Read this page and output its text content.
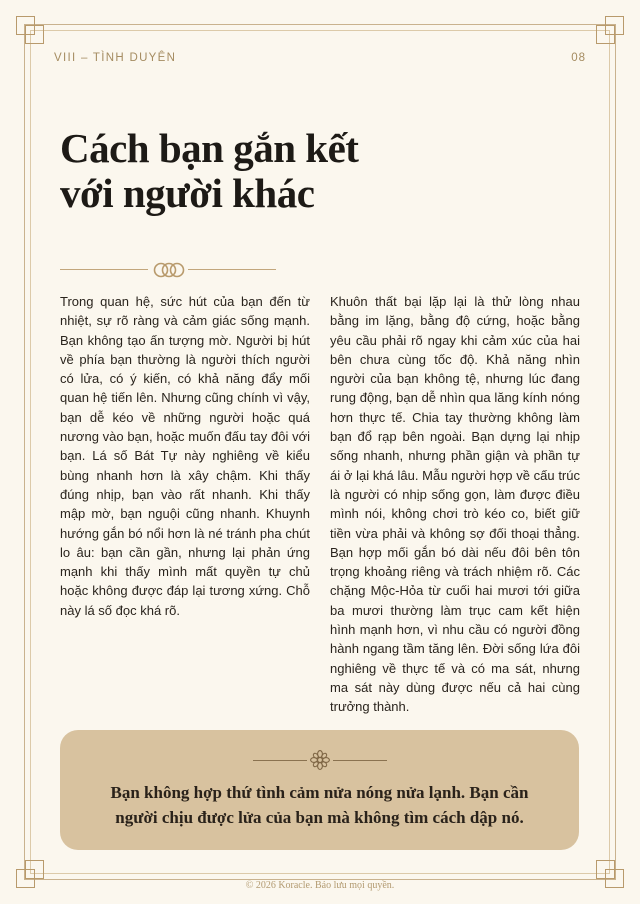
VIII – TÌNH DUYÊN	08
Cách bạn gắn kết
với người khác

Trong quan hệ, sức hút của bạn đến từ nhiệt, sự rõ ràng và cảm giác sống mạnh. Bạn không tạo ấn tượng mờ. Người bị hút về phía bạn thường là người thích người có lửa, có ý kiến, có khả năng đẩy mối quan hệ tiến lên. Nhưng cũng chính vì vậy, bạn dễ kéo về những người hoặc quá nương vào bạn, hoặc muốn đấu tay đôi với bạn. Lá số Bát Tự này nghiêng về kiểu bùng nhanh hơn là xây chậm. Khi thấy đúng nhịp, bạn vào rất nhanh. Khi thấy mập mờ, bạn nguội cũng nhanh. Khuynh hướng gắn bó nổi hơn là né tránh pha chút lo âu: bạn cần gần, nhưng lại phản ứng mạnh khi thấy mình mất quyền tự chủ hoặc không được đáp lại tương xứng. Chỗ này lá số đọc khá rõ.

Khuôn thất bại lặp lại là thử lòng nhau bằng im lặng, bằng độ cứng, hoặc bằng yêu cầu phải rõ ngay khi cảm xúc của hai bên chưa cùng tốc độ. Khả năng nhìn người của bạn không tệ, nhưng lúc đang rung động, bạn dễ nhìn qua lăng kính nóng hơn thực tế. Chia tay thường không làm bạn đổ rạp bên ngoài. Bạn dựng lại nhịp sống nhanh, nhưng phần giận và phần tự ái ở lại khá lâu. Mẫu người hợp về cấu trúc là người có nhịp sống gọn, làm được điều mình nói, không chơi trò kéo co, biết giữ tiền vừa phải và không sợ đối thoại thẳng. Bạn hợp mối gắn bó dài nếu đôi bên tôn trọng khoảng riêng và trách nhiệm rõ. Các chặng Mộc-Hỏa từ cuối hai mươi tới giữa ba mươi thường làm trục cam kết hiện hình mạnh hơn, vì nhu cầu có người đồng hành ngang tầm tăng lên. Đời sống lứa đôi nghiêng về thực tế và có ma sát, nhưng ma sát này dùng được nếu cả hai cùng trưởng thành.

Bạn không hợp thứ tình cảm nửa nóng nửa lạnh. Bạn cần người chịu được lửa của bạn mà không tìm cách dập nó.

© 2026 Koracle. Bảo lưu mọi quyền.
